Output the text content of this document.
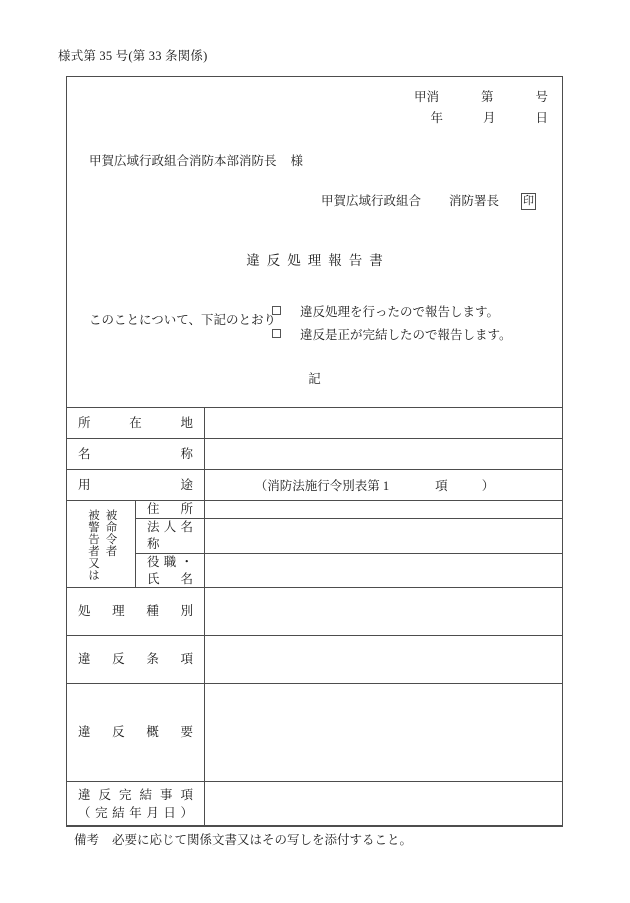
様式第 35 号(第 33 条関係)
甲消	第	号
年	月	日
甲賀広域行政組合消防本部消防長 様
甲賀広域行政組合 消防署長 印
違反処理報告書
このことについて、下記のとおり
違反処理を行ったので報告します。
違反是正が完結したので報告します。
記
所在地		

名称		

用途		（消防法施行令別表第 1 項 ）

被命令者
被警告者又は	住所	

	法人名称	

	役職・氏名	

処理種別		

違反条項		

違反概要		

違反完結事項
（完結年月日）		

備考 必要に応じて関係文書又はその写しを添付すること。
